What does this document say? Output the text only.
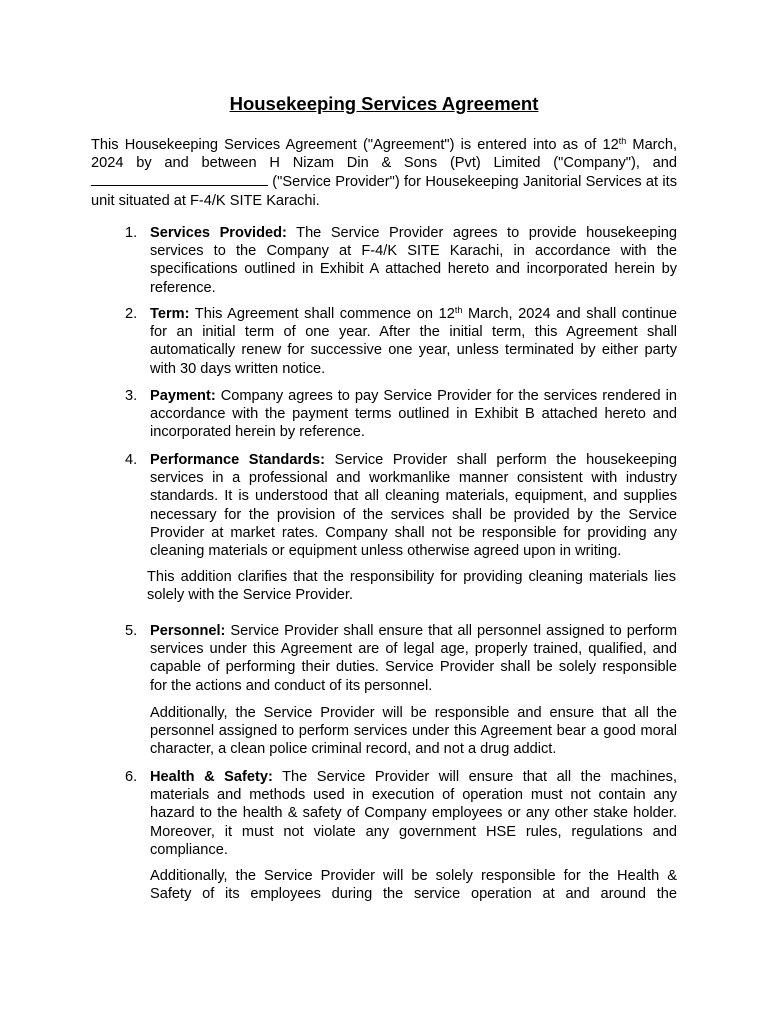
Housekeeping Services Agreement
This Housekeeping Services Agreement ("Agreement") is entered into as of 12th March, 2024 by and between H Nizam Din & Sons (Pvt) Limited ("Company"), and  ("Service Provider") for Housekeeping Janitorial Services at its unit situated at F-4/K SITE Karachi.
1. Services Provided: The Service Provider agrees to provide housekeeping services to the Company at F-4/K SITE Karachi, in accordance with the specifications outlined in Exhibit A attached hereto and incorporated herein by reference.
2. Term: This Agreement shall commence on 12th March, 2024 and shall continue for an initial term of one year. After the initial term, this Agreement shall automatically renew for successive one year, unless terminated by either party with 30 days written notice.
3. Payment: Company agrees to pay Service Provider for the services rendered in accordance with the payment terms outlined in Exhibit B attached hereto and incorporated herein by reference.
4. Performance Standards: Service Provider shall perform the housekeeping services in a professional and workmanlike manner consistent with industry standards. It is understood that all cleaning materials, equipment, and supplies necessary for the provision of the services shall be provided by the Service Provider at market rates. Company shall not be responsible for providing any cleaning materials or equipment unless otherwise agreed upon in writing.
This addition clarifies that the responsibility for providing cleaning materials lies solely with the Service Provider.
5. Personnel: Service Provider shall ensure that all personnel assigned to perform services under this Agreement are of legal age, properly trained, qualified, and capable of performing their duties. Service Provider shall be solely responsible for the actions and conduct of its personnel.
Additionally, the Service Provider will be responsible and ensure that all the personnel assigned to perform services under this Agreement bear a good moral character, a clean police criminal record, and not a drug addict.
6. Health & Safety: The Service Provider will ensure that all the machines, materials and methods used in execution of operation must not contain any hazard to the health & safety of Company employees or any other stake holder. Moreover, it must not violate any government HSE rules, regulations and compliance.
Additionally, the Service Provider will be solely responsible for the Health & Safety of its employees during the service operation at and around the
